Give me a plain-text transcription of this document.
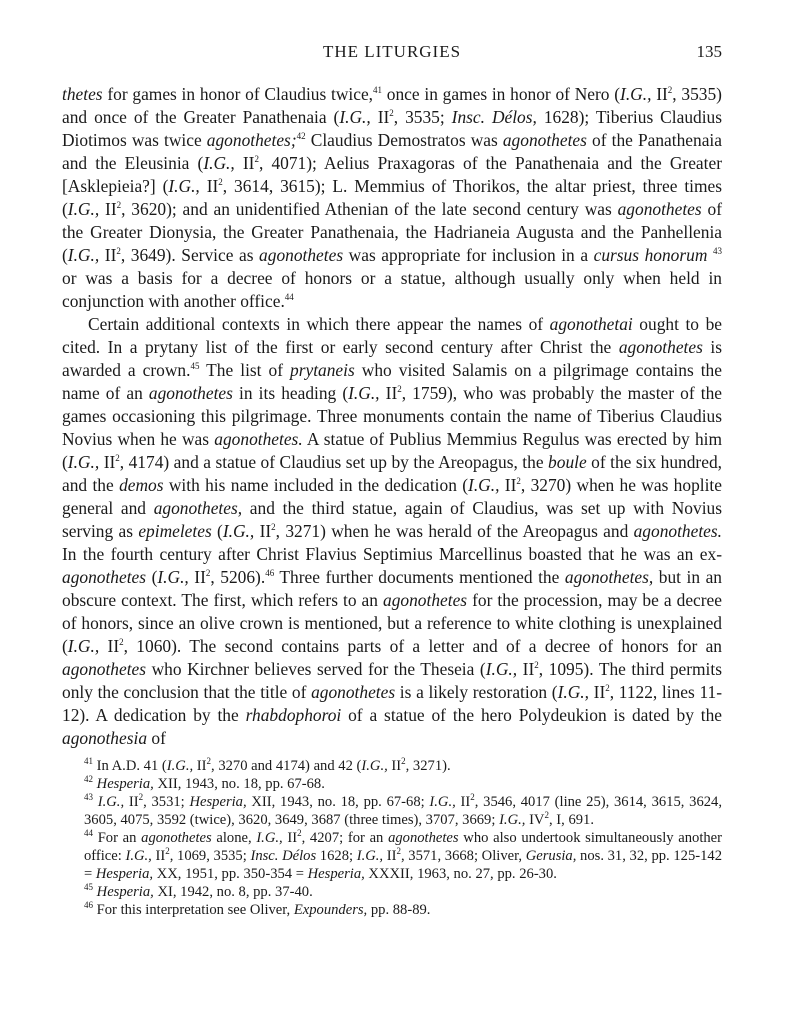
THE LITURGIES	135

thetes for games in honor of Claudius twice,$^{41}$ once in games in honor of Nero (I.G., $II^2$, 3535) and once of the Greater Panathenaia (I.G., $II^2$, 3535; Insc. Délos, 1628); Tiberius Claudius Diotimos was twice agonothetes;$^{42}$ Claudius Demostratos was agonothetes of the Panathenaia and the Eleusinia (I.G., $II^2$, 4071); Aelius Praxagoras of the Panathenaia and the Greater [Asklepieia?] (I.G., $II^2$, 3614, 3615); L. Memmius of Thorikos, the altar priest, three times (I.G., $II^2$, 3620); and an unidentified Athenian of the late second century was agonothetes of the Greater Dionysia, the Greater Panathenaia, the Hadrianeia Augusta and the Panhellenia (I.G., $II^2$, 3649). Service as agonothetes was appropriate for inclusion in a cursus honorum $^{43}$ or was a basis for a decree of honors or a statue, although usually only when held in conjunction with another office.$^{44}$

Certain additional contexts in which there appear the names of agonothetai ought to be cited. In a prytany list of the first or early second century after Christ the agonothetes is awarded a crown.$^{45}$ The list of prytaneis who visited Salamis on a pilgrimage contains the name of an agonothetes in its heading (I.G., $II^2$, 1759), who was probably the master of the games occasioning this pilgrimage. Three monuments contain the name of Tiberius Claudius Novius when he was agonothetes. A statue of Publius Memmius Regulus was erected by him (I.G., $II^2$, 4174) and a statue of Claudius set up by the Areopagus, the boule of the six hundred, and the demos with his name included in the dedication (I.G., $II^2$, 3270) when he was hoplite general and agonothetes, and the third statue, again of Claudius, was set up with Novius serving as epimeletes (I.G., $II^2$, 3271) when he was herald of the Areopagus and agonothetes. In the fourth century after Christ Flavius Septimius Marcellinus boasted that he was an ex-agonothetes (I.G., $II^2$, 5206).$^{46}$ Three further documents mentioned the agonothetes, but in an obscure context. The first, which refers to an agonothetes for the procession, may be a decree of honors, since an olive crown is mentioned, but a reference to white clothing is unexplained (I.G., $II^2$, 1060). The second contains parts of a letter and of a decree of honors for an agonothetes who Kirchner believes served for the Theseia (I.G., $II^2$, 1095). The third permits only the conclusion that the title of agonothetes is a likely restoration (I.G., $II^2$, 1122, lines 11-12). A dedication by the rhabdophoroi of a statue of the hero Polydeukion is dated by the agonothesia of

$^{41}$ In A.D. 41 (I.G., $II^2$, 3270 and 4174) and 42 (I.G., $II^2$, 3271).
$^{42}$ Hesperia, XII, 1943, no. 18, pp. 67-68.
$^{43}$ I.G., $II^2$, 3531; Hesperia, XII, 1943, no. 18, pp. 67-68; I.G., $II^2$, 3546, 4017 (line 25), 3614, 3615, 3624, 3605, 4075, 3592 (twice), 3620, 3649, 3687 (three times), 3707, 3669; I.G., $IV^2$, I, 691.
$^{44}$ For an agonothetes alone, I.G., $II^2$, 4207; for an agonothetes who also undertook simultaneously another office: I.G., $II^2$, 1069, 3535; Insc. Délos 1628; I.G., $II^2$, 3571, 3668; Oliver, Gerusia, nos. 31, 32, pp. 125-142 = Hesperia, XX, 1951, pp. 350-354 = Hesperia, XXXII, 1963, no. 27, pp. 26-30.
$^{45}$ Hesperia, XI, 1942, no. 8, pp. 37-40.
$^{46}$ For this interpretation see Oliver, Expounders, pp. 88-89.
